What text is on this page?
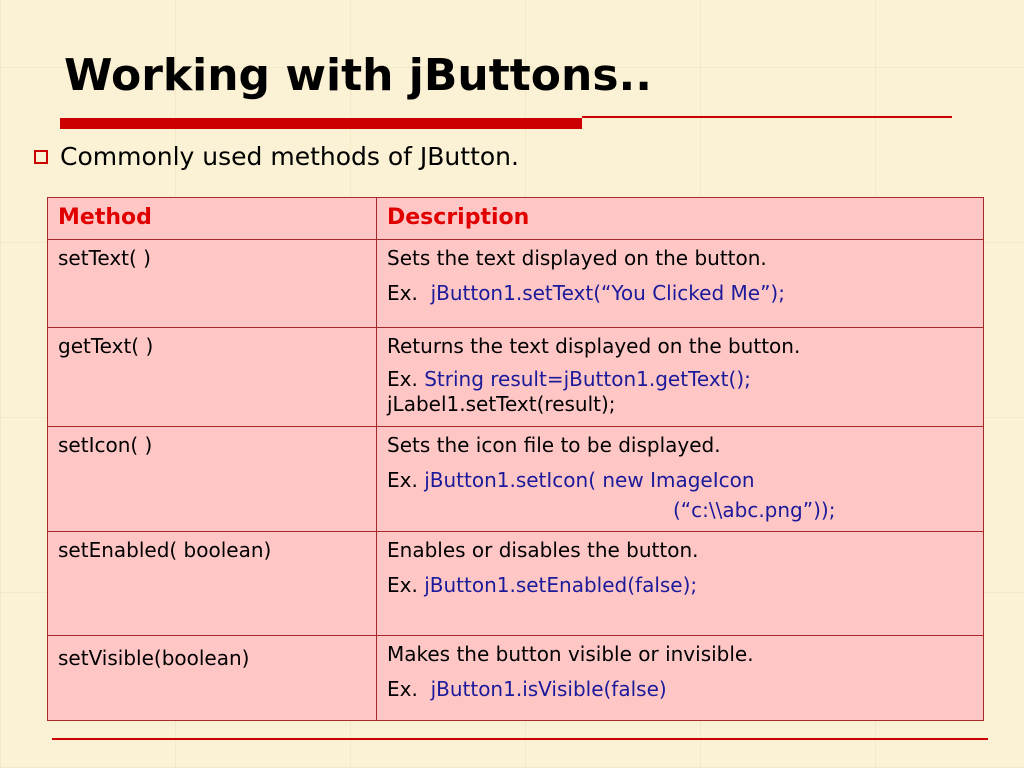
Working with jButtons..
Commonly used methods of JButton.
Method	Description
setText( )	Sets the text displayed on the button.
Ex. jButton1.setText(“You Clicked Me”);

getText( )	Returns the text displayed on the button.
Ex. String result=jButton1.getText();
jLabel1.setText(result);

setIcon( )	Sets the icon file to be displayed.
Ex. jButton1.setIcon( new ImageIcon
(“c:\\abc.png”));

setEnabled( boolean)	Enables or disables the button.
Ex. jButton1.setEnabled(false);

setVisible(boolean)	Makes the button visible or invisible.
Ex. jButton1.isVisible(false)
